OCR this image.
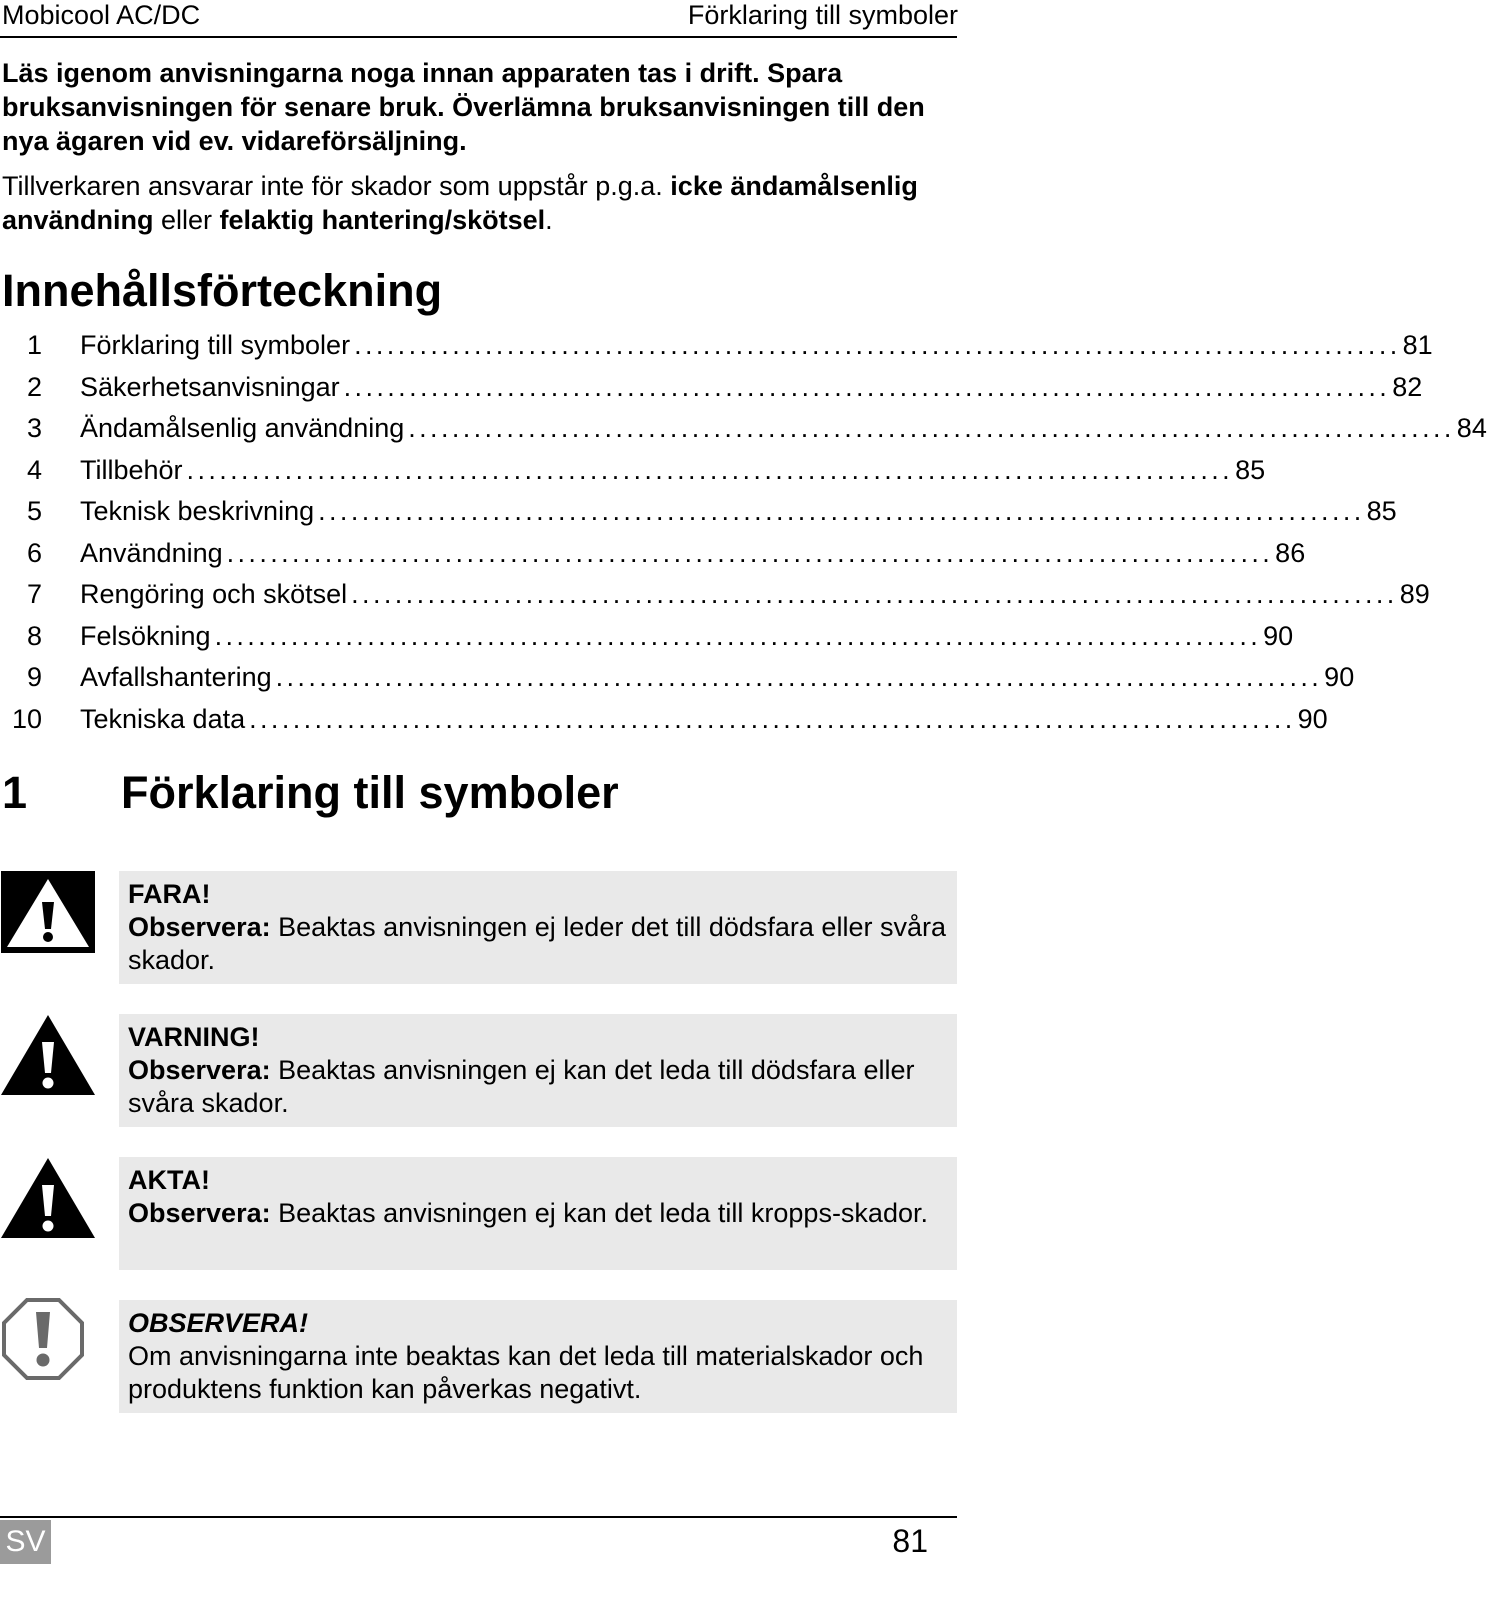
Mobicool AC/DC	Förklaring till symboler
Läs igenom anvisningarna noga innan apparaten tas i drift. Spara bruksanvisningen för senare bruk. Överlämna bruksanvisningen till den nya ägaren vid ev. vidareförsäljning.
Tillverkaren ansvarar inte för skador som uppstår p.g.a. icke ändamålsenlig användning eller felaktig hantering/skötsel.
Innehållsförteckning
1 Förklaring till symboler ................................................................................................ 81
2 Säkerhetsanvisningar ................................................................................................ 82
3 Ändamålsenlig användning ................................................................................................ 84
4 Tillbehör ................................................................................................ 85
5 Teknisk beskrivning ................................................................................................ 85
6 Användning ................................................................................................ 86
7 Rengöring och skötsel ................................................................................................ 89
8 Felsökning ................................................................................................ 90
9 Avfallshantering ................................................................................................ 90
10 Tekniska data ................................................................................................ 90
1 Förklaring till symboler
FARA!
Observera: Beaktas anvisningen ej leder det till dödsfara eller svåra skador.
VARNING!
Observera: Beaktas anvisningen ej kan det leda till dödsfara eller svåra skador.
AKTA!
Observera: Beaktas anvisningen ej kan det leda till kropps-skador.
OBSERVERA!
Om anvisningarna inte beaktas kan det leda till materialskador och produktens funktion kan påverkas negativt.
SV	81
